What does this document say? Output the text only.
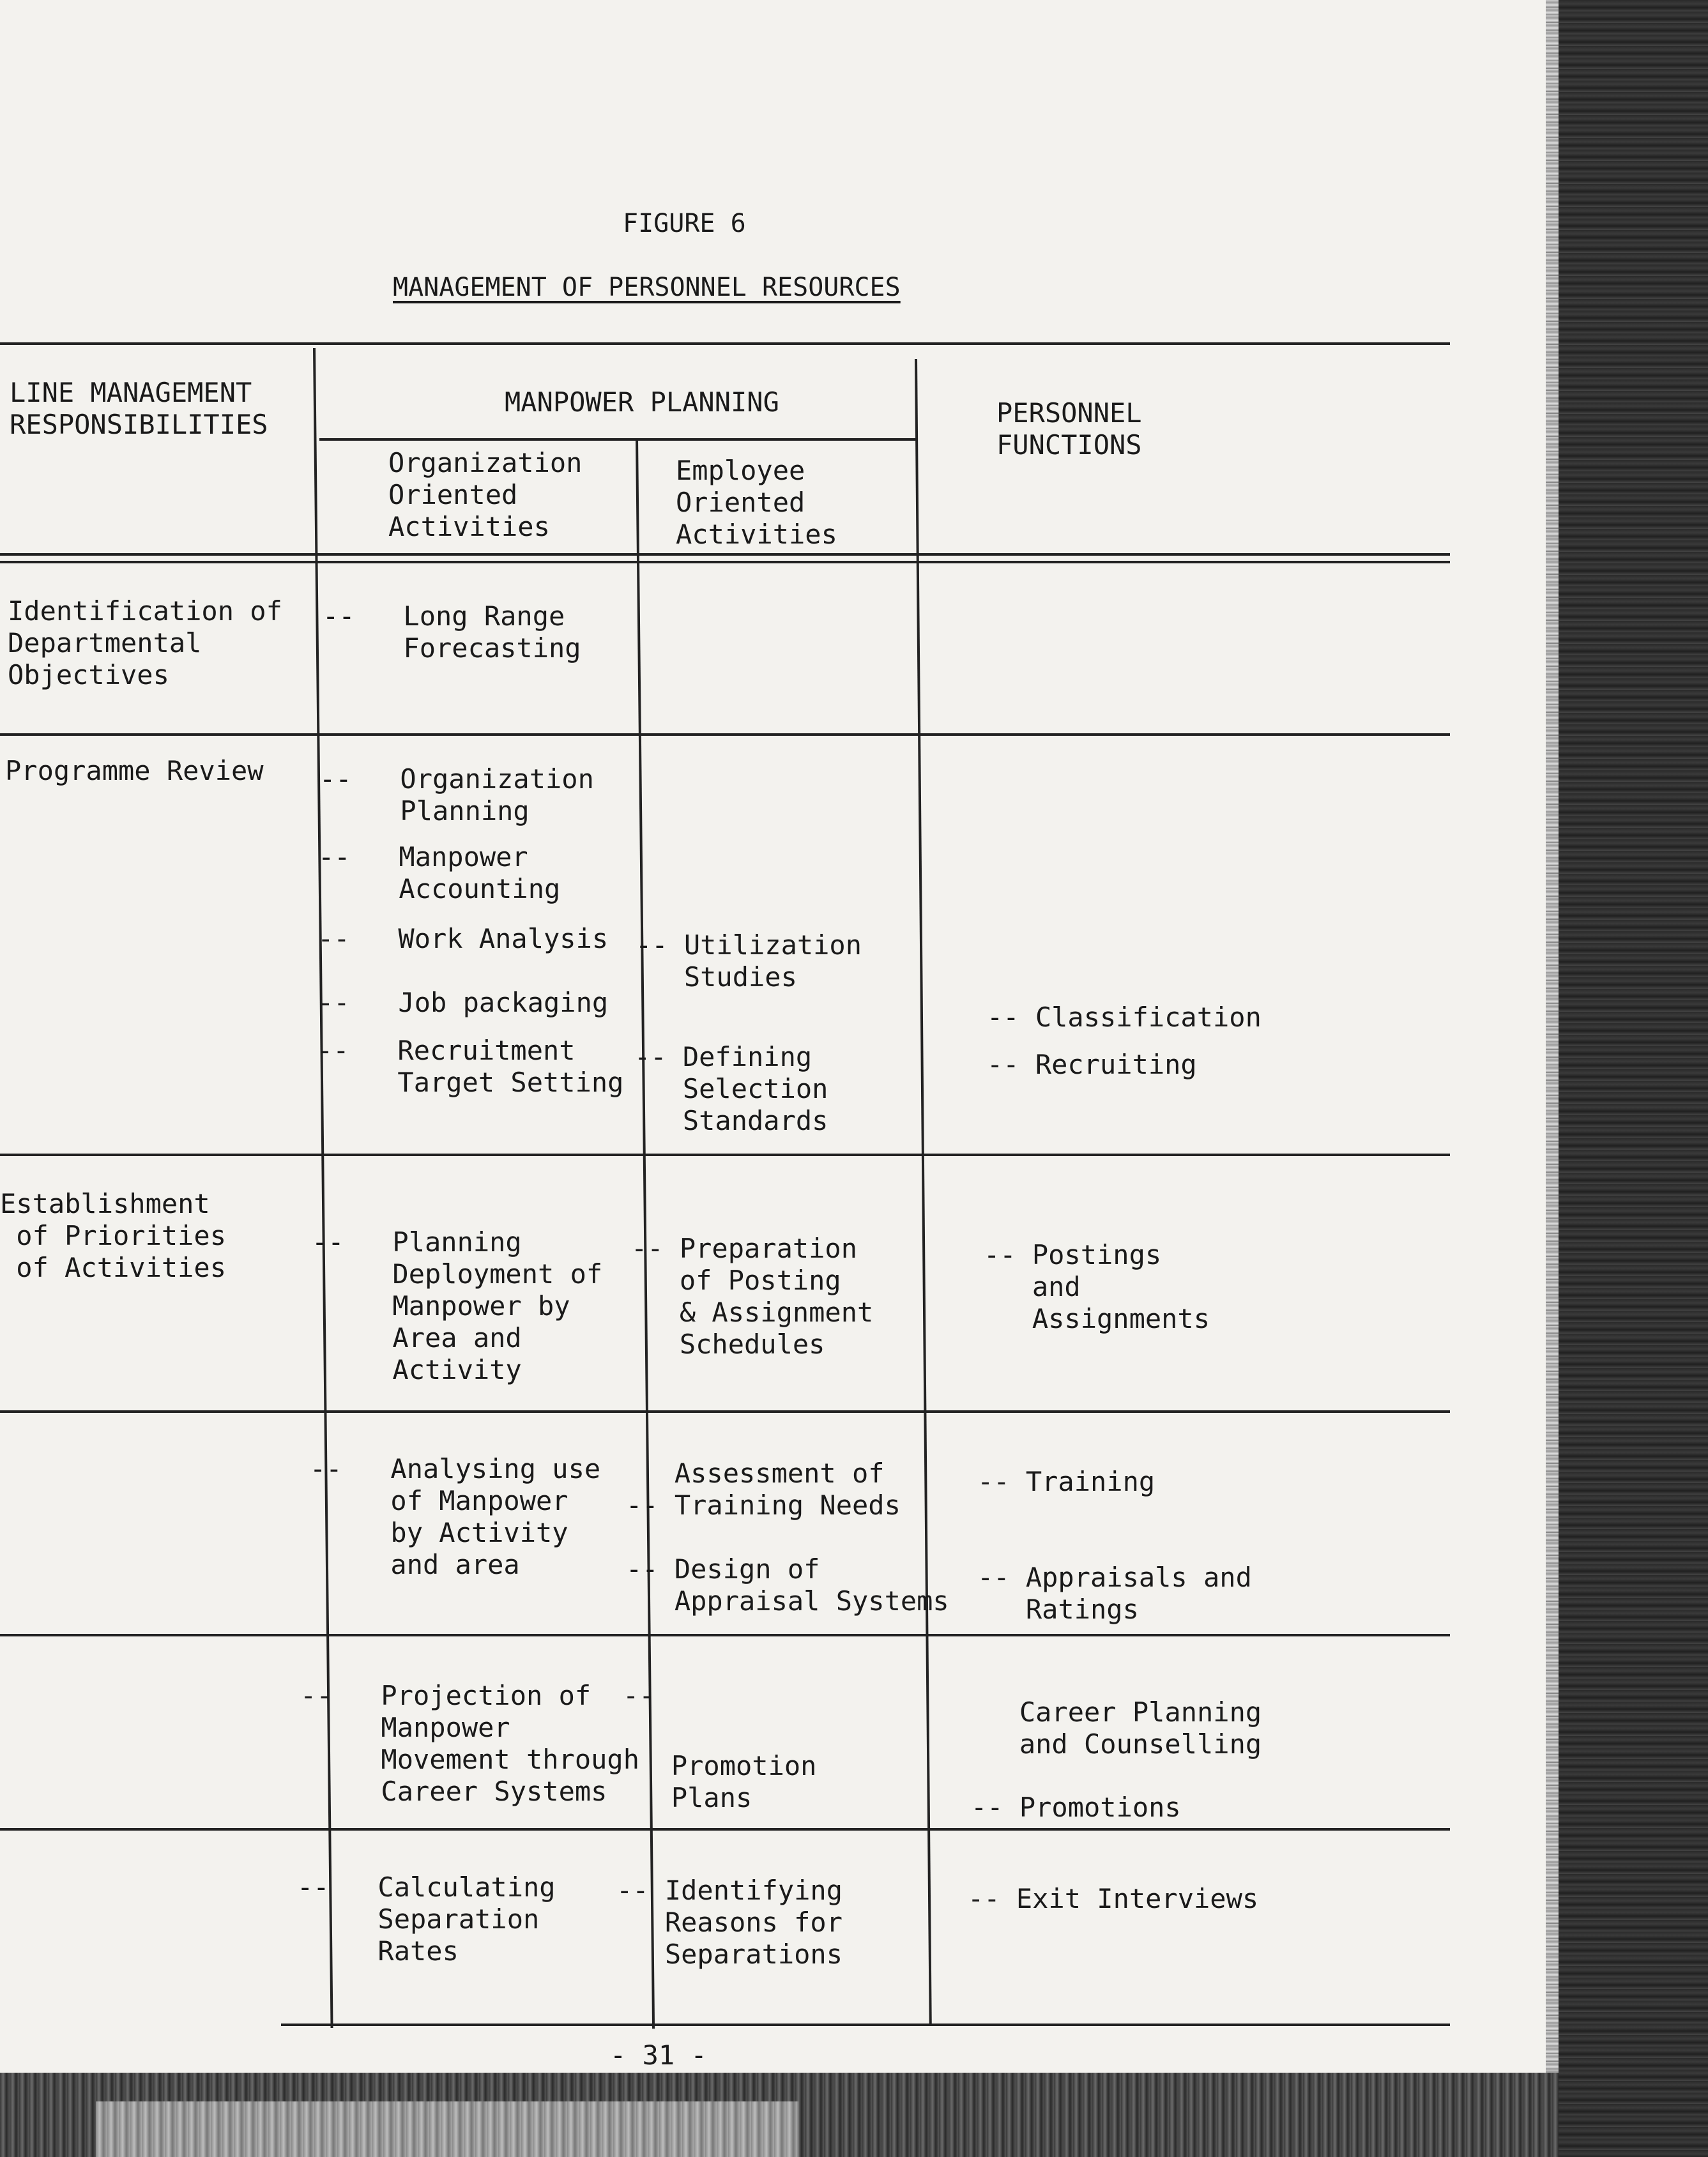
FIGURE 6
MANAGEMENT OF PERSONNEL RESOURCES
LINE MANAGEMENT
RESPONSIBILITIES
MANPOWER PLANNING
Organization
Oriented
Activities
Employee
Oriented
Activities
PERSONNEL
FUNCTIONS
Identification of
Departmental
Objectives
--   Long Range
Forecasting
Programme Review --   Organization
Planning
--   Manpower
Accounting
--   Work Analysis
--   Job packaging
--   Recruitment
Target Setting
-- Utilization
Studies
-- Defining
Selection
Standards
-- Classification
-- Recruiting
Establishment
of Priorities
of Activities
--   Planning
Deployment of
Manpower by
Area and
Activity
-- Preparation
of Posting
& Assignment
Schedules
-- Postings
and
Assignments
--   Analysing use
of Manpower
by Activity
and area
Assessment of
-- Training Needs
-- Design of
Appraisal Systems
-- Training
-- Appraisals and
Ratings
--   Projection of
Manpower
Movement through
Career Systems
--
Promotion
Plans
Career Planning
and Counselling
-- Promotions
--   Calculating
Separation
Rates
-- Identifying
Reasons for
Separations
-- Exit Interviews
- 31 -
